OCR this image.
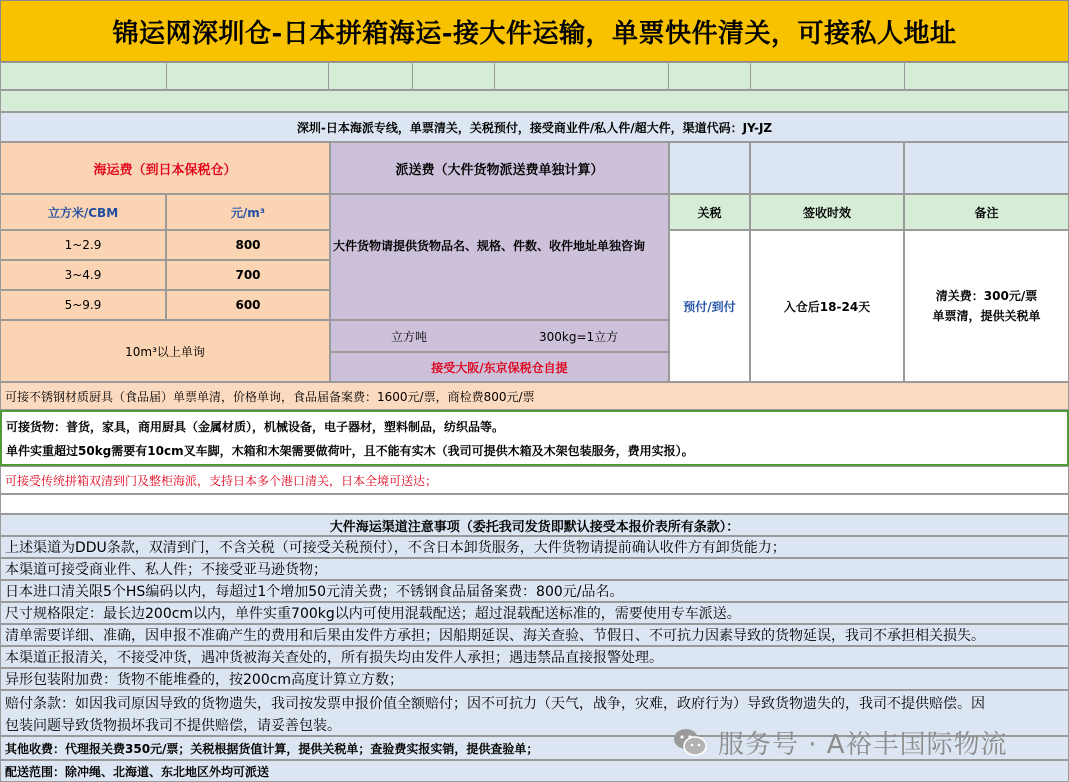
锦运网深圳仓-日本拼箱海运-接大件运输，单票快件清关，可接私人地址
深圳-日本海派专线，单票清关，关税预付，接受商业件/私人件/超大件，渠道代码：JY-JZ
海运费（到日本保税仓）	派送费（大件货物派送费单独计算）
立方米/CBM	元/m³
大件货物请提供货物品名、规格、件数、收件地址单独咨询
关税	签收时效	备注
1~2.9	800
3~4.9	700
5~9.9	600
10m³以上单询
立方吨	300kg=1立方
接受大阪/东京保税仓自提
预付/到付	入仓后18-24天
清关费：300元/票
单票清，提供关税单
可接不锈钢材质厨具（食品届）单票单清，价格单询，食品届备案费：1600元/票，商检费800元/票
可接货物：普货，家具，商用厨具（金属材质），机械设备，电子器材，塑料制品，纺织品等。
单件实重超过50kg需要有10cm叉车脚，木箱和木架需要做荷叶，且不能有实木（我司可提供木箱及木架包装服务，费用实报）。
可接受传统拼箱双清到门及整柜海派，支持日本多个港口清关，日本全境可送达；
大件海运渠道注意事项（委托我司发货即默认接受本报价表所有条款）：
上述渠道为DDU条款，双清到门，不含关税（可接受关税预付），不含日本卸货服务，大件货物请提前确认收件方有卸货能力；
本渠道可接受商业件、私人件；不接受亚马逊货物；
日本进口清关限5个HS编码以内，每超过1个增加50元清关费；不锈钢食品届备案费：800元/品名。
尺寸规格限定：最长边200cm以内，单件实重700kg以内可使用混载配送；超过混载配送标准的，需要使用专车派送。
清单需要详细、准确，因申报不准确产生的费用和后果由发件方承担；因船期延误、海关查验、节假日、不可抗力因素导致的货物延误，我司不承担相关损失。
本渠道正报清关，不接受冲货，遇冲货被海关查处的，所有损失均由发件人承担；遇违禁品直接报警处理。
异形包装附加费：货物不能堆叠的，按200cm高度计算立方数；
赔付条款：如因我司原因导致的货物遗失，我司按发票申报价值全额赔付；因不可抗力（天气，战争，灾难，政府行为）导致货物遗失的，我司不提供赔偿。因
包装问题导致货物损坏我司不提供赔偿，请妥善包装。
其他收费：代理报关费350元/票；关税根据货值计算，提供关税单；查验费实报实销，提供查验单；
配送范围：除冲绳、北海道、东北地区外均可派送
服务号 · A裕丰国际物流
